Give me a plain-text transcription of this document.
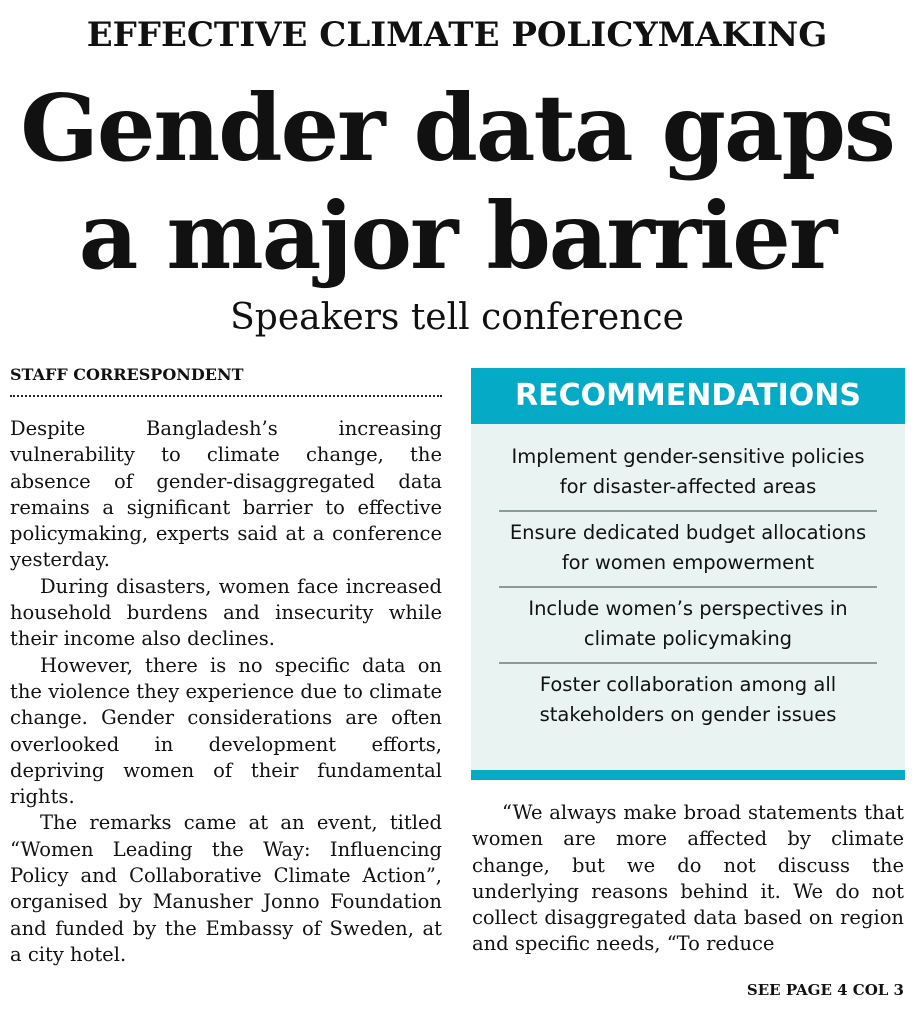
EFFECTIVE CLIMATE POLICYMAKING
Gender data gaps
a major barrier
Speakers tell conference
STAFF CORRESPONDENT

Despite Bangladesh’s increasing vulnerability to climate change, the absence of gender-disaggregated data remains a significant barrier to effective policymaking, experts said at a conference yesterday.

During disasters, women face increased household burdens and insecurity while their income also declines.

However, there is no specific data on the violence they experience due to climate change. Gender considerations are often overlooked in development efforts, depriving women of their fundamental rights.

The remarks came at an event, titled “Women Leading the Way: Influencing Policy and Collaborative Climate Action”, organised by Manusher Jonno Foundation and funded by the Embassy of Sweden, at a city hotel.

RECOMMENDATIONS
Implement gender-sensitive policies for disaster-affected areas
Ensure dedicated budget allocations for women empowerment
Include women’s perspectives in climate policymaking
Foster collaboration among all stakeholders on gender issues

“We always make broad statements that women are more affected by climate change, but we do not discuss the underlying reasons behind it. We do not collect disaggregated data based on region and specific needs, “To reduce

SEE PAGE 4 COL 3
